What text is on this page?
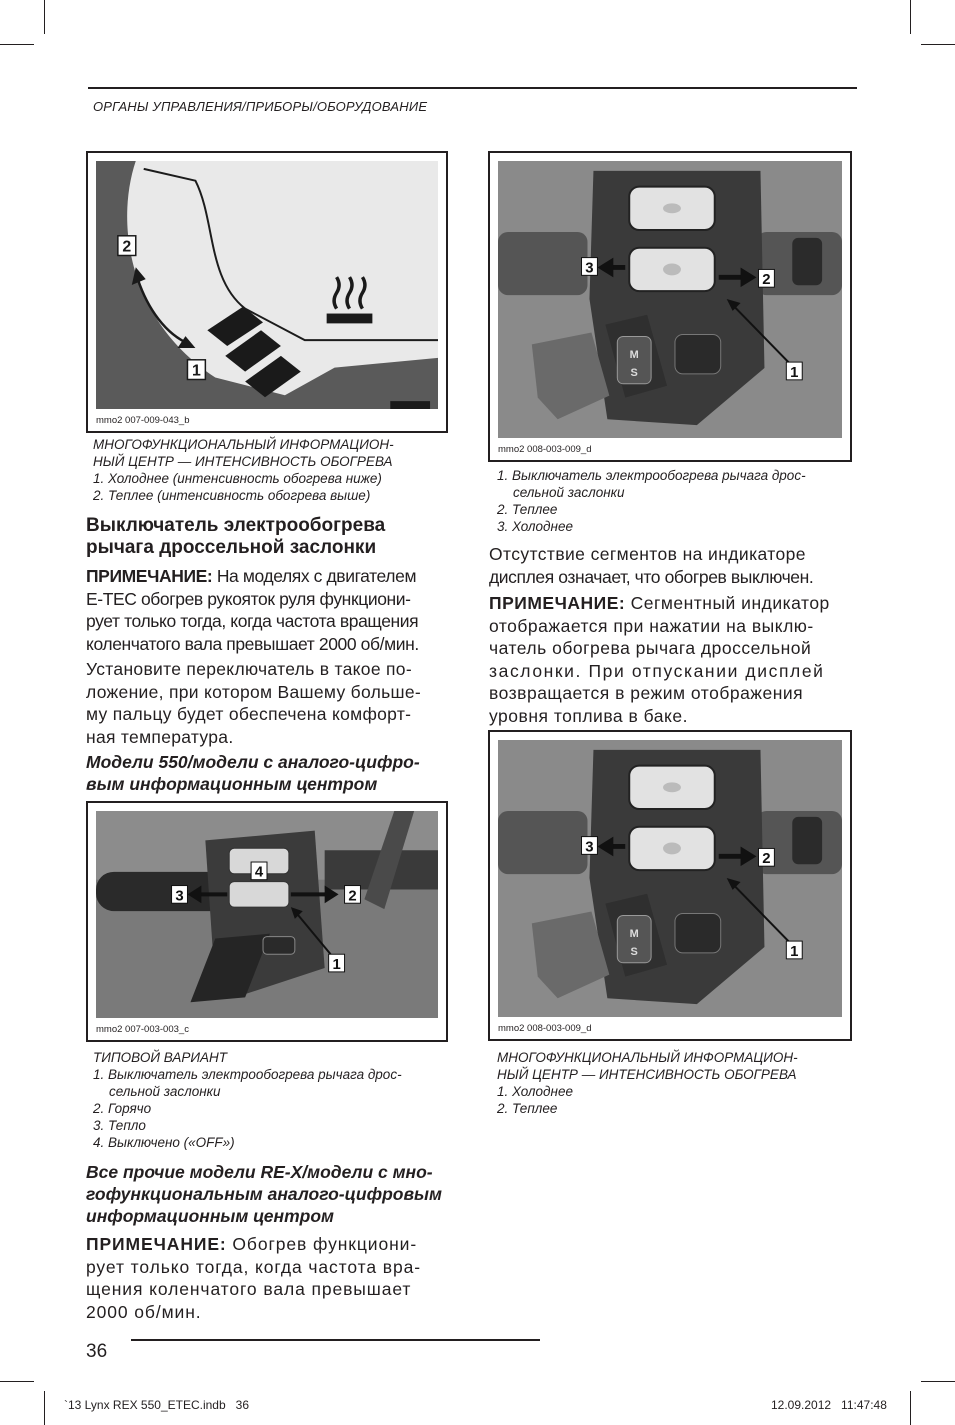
ОРГАНЫ УПРАВЛЕНИЯ/ПРИБОРЫ/ОБОРУДОВАНИЕ
2
1
mmo2 007-009-043_b
МНОГОФУНКЦИОНАЛЬНЫЙ ИНФОРМАЦИОН-
НЫЙ ЦЕНТР — ИНТЕНСИВНОСТЬ ОБОГРЕВА
1. Холоднее (интенсивность обогрева ниже)
2. Теплее (интенсивность обогрева выше)
Выключатель электрообогрева
рычага дроссельной заслонки
ПРИМЕЧАНИЕ: На моделях с двигателем
E-TEC обогрев рукояток руля функциони-
рует только тогда, когда частота вращения
коленчатого вала превышает 2000 об/мин.
Установите переключатель в такое по-
ложение, при котором Вашему больше-
му пальцу будет обеспечена комфорт-
ная температура.
Модели 550/модели с аналого-цифро-
вым информационным центром
3	2
4
1
mmo2 007-003-003_c
ТИПОВОЙ ВАРИАНТ
1. Выключатель электрообогрева рычага дрос-
сельной заслонки
2. Горячо
3. Тепло
4. Выключено («OFF»)
Все прочие модели RE-X/модели с мно-
гофункциональным аналого-цифровым
информационным центром
ПРИМЕЧАНИЕ: Обогрев функциони-
рует только тогда, когда частота вра-
щения коленчатого вала превышает
2000 об/мин.
M
S
3
2
1
mmo2 008-003-009_d
1. Выключатель электрообогрева рычага дрос-
сельной заслонки
2. Теплее
3. Холоднее
Отсутствие сегментов на индикаторе
дисплея означает, что обогрев выключен.
ПРИМЕЧАНИЕ: Сегментный индикатор
отображается при нажатии на выклю-
чатель обогрева рычага дроссельной
заслонки. При отпускании дисплей
возвращается в режим отображения
уровня топлива в баке.
M
S
3
2
1
mmo2 008-003-009_d
МНОГОФУНКЦИОНАЛЬНЫЙ ИНФОРМАЦИОН-
НЫЙ ЦЕНТР — ИНТЕНСИВНОСТЬ ОБОГРЕВА
1. Холоднее
2. Теплее
36
`13 Lynx REX 550_ETEC.indb   36	12.09.2012   11:47:48
